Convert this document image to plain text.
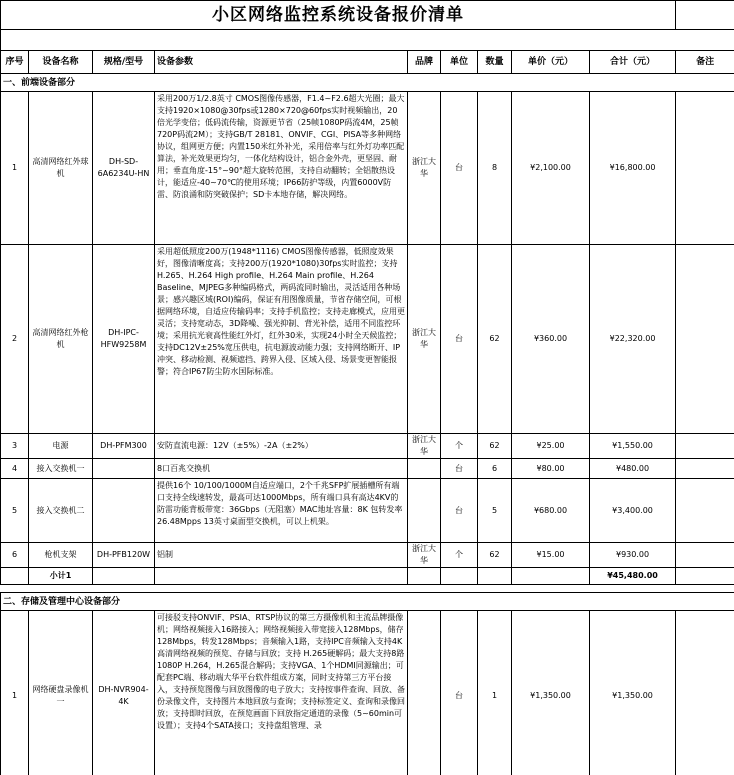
小区网络监控系统设备报价清单									

序号	设备名称	规格/型号	设备参数	品牌	单位	数量	单价（元）	合计（元）	备注
一、前端设备部分									
1	高清网络红外球机	DH-SD-6A6234U-HN	采用200万1/2.8英寸 CMOS图像传感器，F1.4~F2.6超大光圈；最大支持1920×1080@30fps或1280×720@60fps实时视频输出，20倍光学变倍；低码流传输，资源更节省（25帧1080P码流4M，25帧720P码流2M）；支持GB/T 28181、ONVIF、CGI、PISA等多种网络协议，组网更方便；内置150米红外补光，采用倍率与红外灯功率匹配算法，补光效果更均匀，一体化结构设计，铝合金外壳，更坚固、耐用；垂直角度-15°~90°超大旋转范围，支持自动翻转；全铝散热设计，能适应-40~70℃的使用环境；IP66防护等级，内置6000V防雷、防浪涌和防突破保护；SD卡本地存储，解决网络。	浙江大华	台	8	¥2,100.00	¥16,800.00	
2	高清网络红外枪机	DH-IPC-HFW9258M	采用超低照度200万(1948*1116) CMOS图像传感器，低照度效果好，图像清晰度高；支持200万(1920*1080)30fps实时监控；支持H.265、H.264 High profile、H.264 Main profile、H.264 Baseline、MJPEG多种编码格式，两码流同时输出，灵活适用各种场景；感兴趣区域(ROI)编码，保证有用图像质量，节省存储空间，可根据网络环境，自适应传输码率；支持手机监控；支持走廊模式，应用更灵活；支持宽动态，3D降噪、强光抑制、背光补偿，适用不同监控环境；采用抗光衰高性能红外灯，红外30米，实现24小时全天候监控；支持DC12V±25%宽压供电，抗电源波动能力强；支持网络断开、IP冲突、移动检测、视频遮挡、跨界入侵、区域入侵、场景变更智能报警；符合IP67防尘防水国际标准。	浙江大华	台	62	¥360.00	¥22,320.00	
3	电源	DH-PFM300	安防直流电源：12V（±5%）-2A（±2%）	浙江大华	个	62	¥25.00	¥1,550.00	
4	接入交换机一		8口百兆交换机		台	6	¥80.00	¥480.00	
5	接入交换机二		提供16个 10/100/1000M自适应端口，2个千兆SFP扩展插槽所有端口支持全线速转发，最高可达1000Mbps，所有端口具有高达4KV的防雷功能背板带宽：36Gbps（无阻塞）MAC地址容量：8K 包转发率 26.48Mpps 13英寸桌面型交换机，可以上机架。		台	5	¥680.00	¥3,400.00	
6	枪机支架	DH-PFB120W	铝制	浙江大华	个	62	¥15.00	¥930.00	
	小计1							¥45,480.00	

二、存储及管理中心设备部分									
1	网络硬盘录像机一	DH-NVR904-4K	可接驳支持ONVIF、PSIA、RTSP协议的第三方摄像机和主流品牌摄像机；网络视频接入16路接入；网络视频接入带宽接入128Mbps，储存128Mbps，转发128Mbps；音频输入1路，支持IPC音频输入支持4K高清网络视频的预览、存储与回放；支持 H.265硬解码；最大支持8路1080P H.264，H.265混合解码；支持VGA、1个HDMI同源输出；可配套PC端、移动端大华平台软件组成方案，同时支持第三方平台接入，支持预览图像与回放图像的电子放大；支持按事件查询、回放、备份录像文件，支持图片本地回放与查询；支持标签定义、查询和录像回放；支持即时回放，在预览画面下回放指定通道的录像（5~60min可设置）；支持4个SATA接口；支持盘组管理、录		台	1	¥1,350.00	¥1,350.00	
